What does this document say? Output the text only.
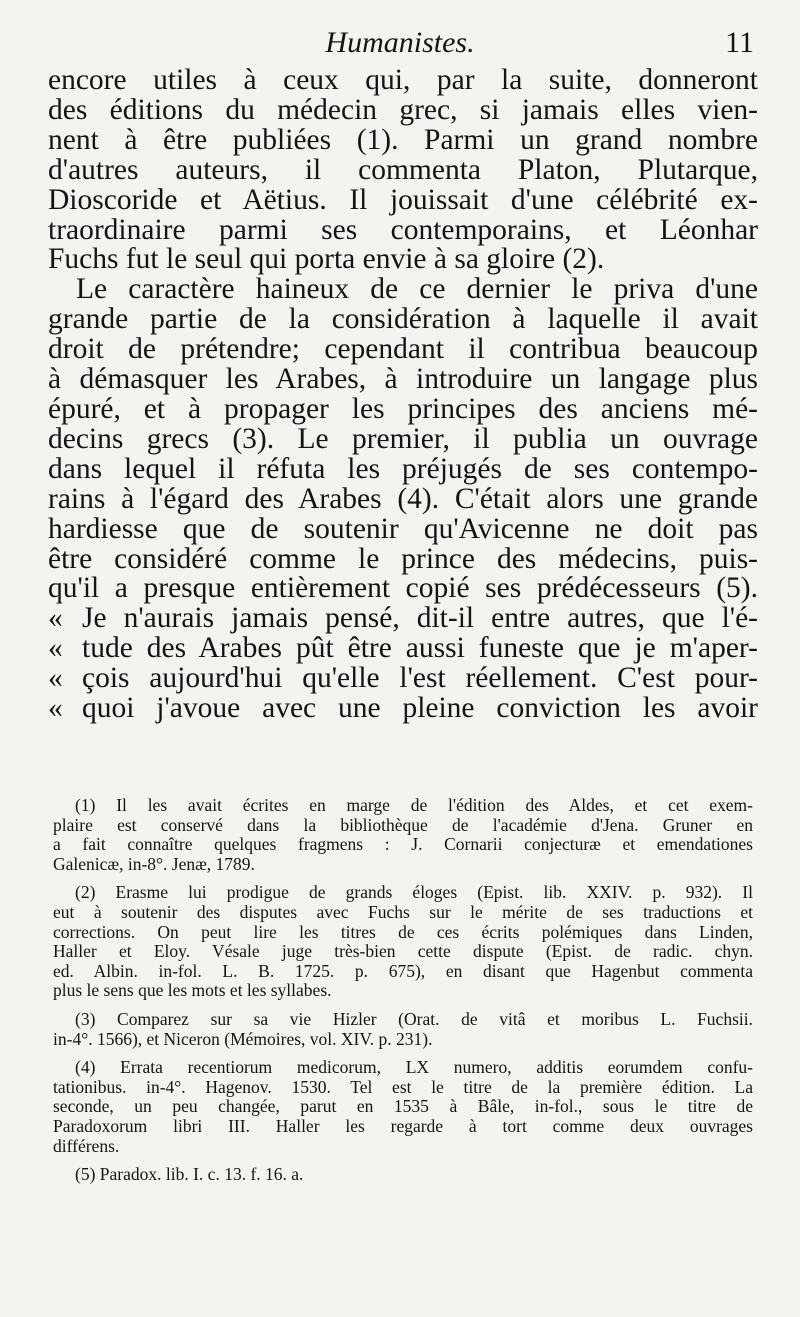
Humanistes.	11
encore utiles à ceux qui, par la suite, donneront
des éditions du médecin grec, si jamais elles vien-
nent à être publiées (1). Parmi un grand nombre
d'autres auteurs, il commenta Platon, Plutarque,
Dioscoride et Aëtius. Il jouissait d'une célébrité ex-
traordinaire parmi ses contemporains, et Léonhar
Fuchs fut le seul qui porta envie à sa gloire (2).
Le caractère haineux de ce dernier le priva d'une
grande partie de la considération à laquelle il avait
droit de prétendre; cependant il contribua beaucoup
à démasquer les Arabes, à introduire un langage plus
épuré, et à propager les principes des anciens mé-
decins grecs (3). Le premier, il publia un ouvrage
dans lequel il réfuta les préjugés de ses contempo-
rains à l'égard des Arabes (4). C'était alors une grande
hardiesse que de soutenir qu'Avicenne ne doit pas
être considéré comme le prince des médecins, puis-
qu'il a presque entièrement copié ses prédécesseurs (5).
« Je n'aurais jamais pensé, dit-il entre autres, que l'é-
« tude des Arabes pût être aussi funeste que je m'aper-
« çois aujourd'hui qu'elle l'est réellement. C'est pour-
« quoi j'avoue avec une pleine conviction les avoir
(1) Il les avait écrites en marge de l'édition des Aldes, et cet exem-
plaire est conservé dans la bibliothèque de l'académie d'Jena. Gruner en
a fait connaître quelques fragmens : J. Cornarii conjecturæ et emendationes
Galenicæ, in-8°. Jenæ, 1789.
(2) Erasme lui prodigue de grands éloges (Epist. lib. XXIV. p. 932). Il
eut à soutenir des disputes avec Fuchs sur le mérite de ses traductions et
corrections. On peut lire les titres de ces écrits polémiques dans Linden,
Haller et Eloy. Vésale juge très-bien cette dispute (Epist. de radic. chyn.
ed. Albin. in-fol. L. B. 1725. p. 675), en disant que Hagenbut commenta
plus le sens que les mots et les syllabes.
(3) Comparez sur sa vie Hizler (Orat. de vitâ et moribus L. Fuchsii.
in-4°. 1566), et Niceron (Mémoires, vol. XIV. p. 231).
(4) Errata recentiorum medicorum, LX numero, additis eorumdem confu-
tationibus. in-4°. Hagenov. 1530. Tel est le titre de la première édition. La
seconde, un peu changée, parut en 1535 à Bâle, in-fol., sous le titre de
Paradoxorum libri III. Haller les regarde à tort comme deux ouvrages
différens.
(5) Paradox. lib. I. c. 13. f. 16. a.
